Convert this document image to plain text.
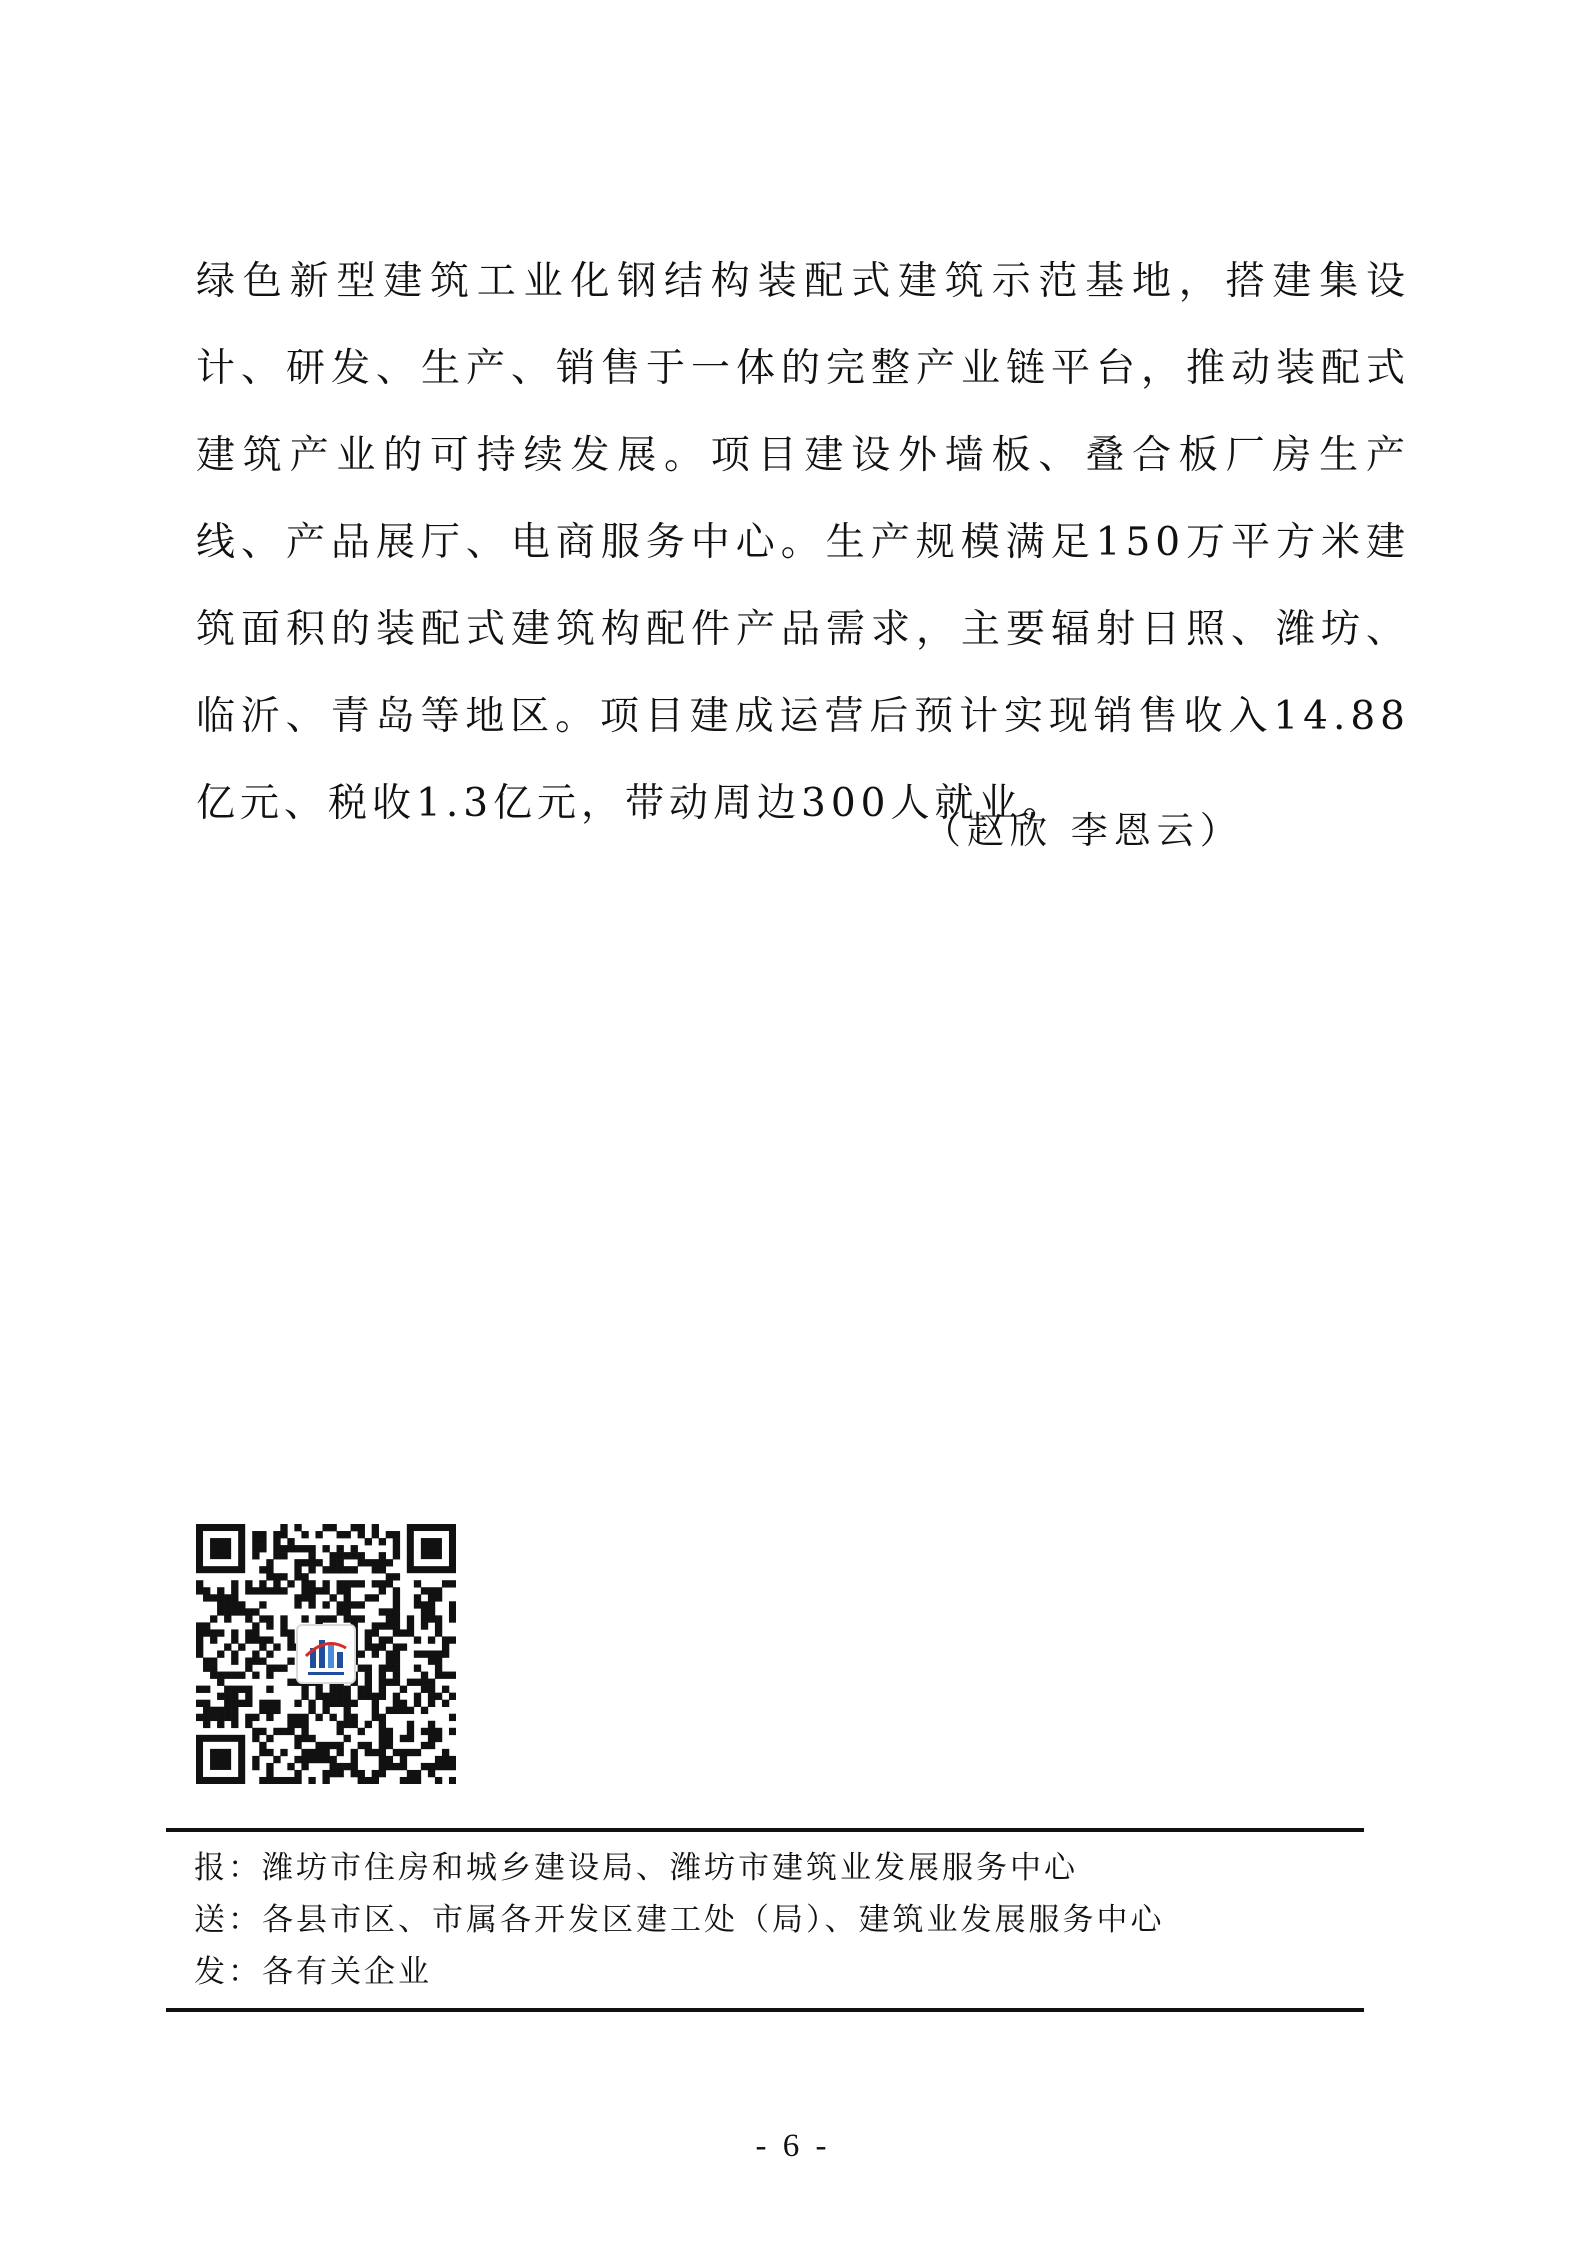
绿色新型建筑工业化钢结构装配式建筑示范基地，搭建集设计、研发、生产、销售于一体的完整产业链平台，推动装配式建筑产业的可持续发展。项目建设外墙板、叠合板厂房生产线、产品展厅、电商服务中心。生产规模满足150万平方米建筑面积的装配式建筑构配件产品需求，主要辐射日照、潍坊、临沂、青岛等地区。项目建成运营后预计实现销售收入14.88亿元、税收1.3亿元，带动周边300人就业。

（赵欣 李恩云）

报：潍坊市住房和城乡建设局、潍坊市建筑业发展服务中心
送：各县市区、市属各开发区建工处（局）、建筑业发展服务中心
发：各有关企业
- 6 -
